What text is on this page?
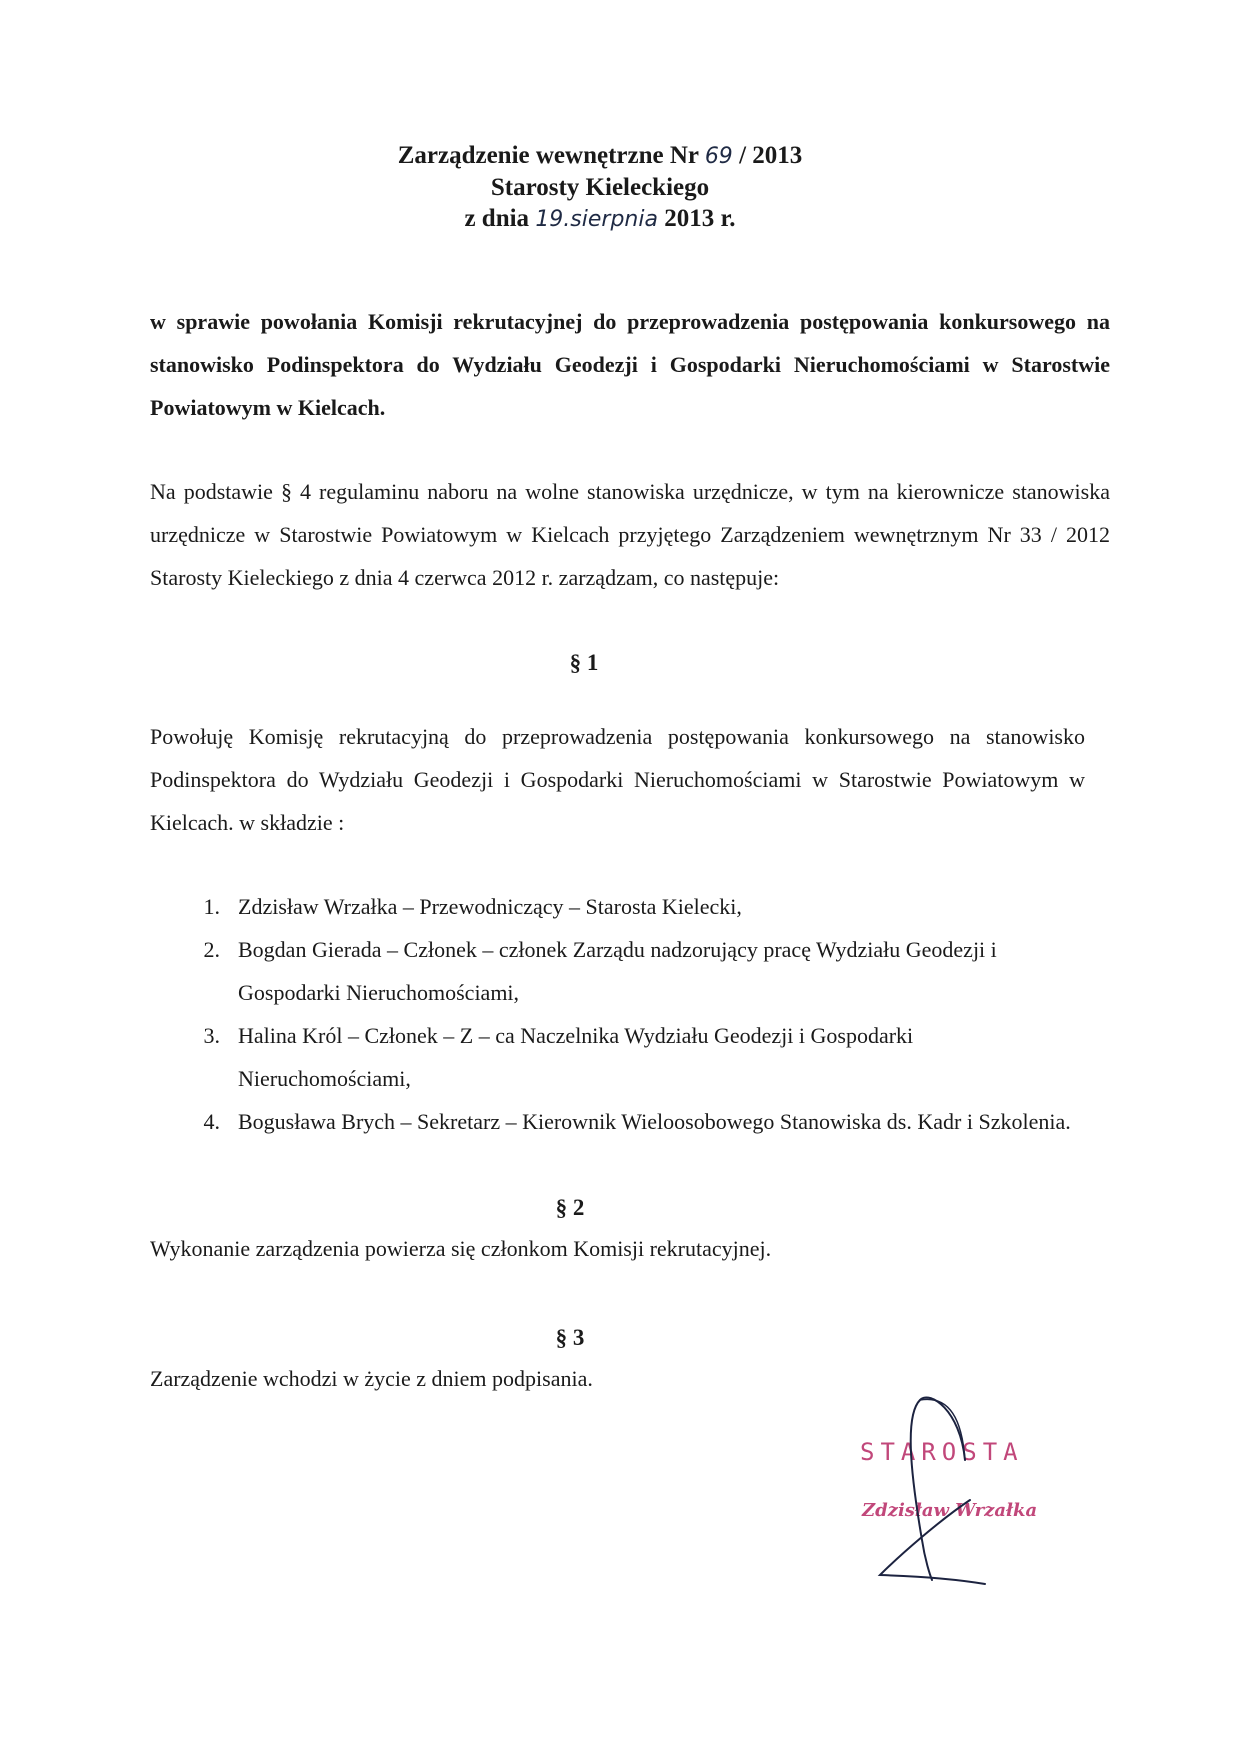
Zarządzenie wewnętrzne Nr 69 / 2013
Starosty Kieleckiego
z dnia 19.sierpnia 2013 r.
w sprawie powołania Komisji rekrutacyjnej do przeprowadzenia postępowania konkursowego na stanowisko Podinspektora do Wydziału Geodezji i Gospodarki Nieruchomościami w Starostwie Powiatowym w Kielcach.
Na podstawie § 4 regulaminu naboru na wolne stanowiska urzędnicze, w tym na kierownicze stanowiska urzędnicze w Starostwie Powiatowym w Kielcach przyjętego Zarządzeniem wewnętrznym Nr 33 / 2012 Starosty Kieleckiego z dnia 4 czerwca 2012 r. zarządzam, co następuje:
§ 1
Powołuję Komisję rekrutacyjną do przeprowadzenia postępowania konkursowego na stanowisko Podinspektora do Wydziału Geodezji i Gospodarki Nieruchomościami w Starostwie Powiatowym w Kielcach. w składzie :
1. Zdzisław Wrzałka – Przewodniczący – Starosta Kielecki,
2. Bogdan Gierada – Członek – członek Zarządu nadzorujący pracę Wydziału Geodezji i Gospodarki Nieruchomościami,
3. Halina Król – Członek – Z – ca Naczelnika Wydziału Geodezji i Gospodarki Nieruchomościami,
4. Bogusława Brych – Sekretarz – Kierownik Wieloosobowego Stanowiska ds. Kadr i Szkolenia.
§ 2
Wykonanie zarządzenia powierza się członkom Komisji rekrutacyjnej.
§ 3
Zarządzenie wchodzi w życie z dniem podpisania.
STAROSTA
Zdzisław Wrzałka
